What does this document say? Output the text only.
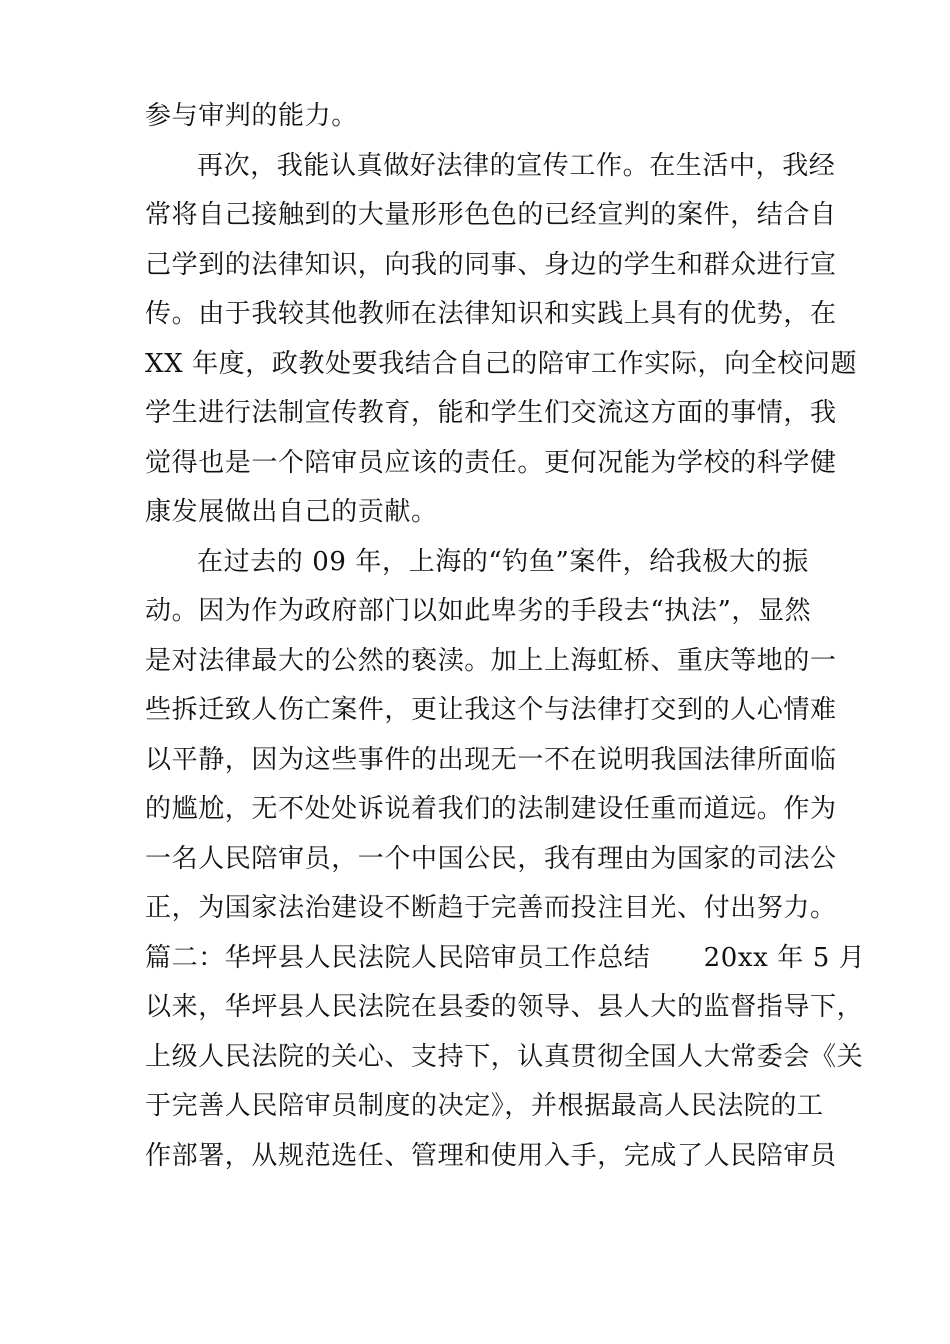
参与审判的能力。
再次，我能认真做好法律的宣传工作。在生活中，我经
常将自己接触到的大量形形色色的已经宣判的案件，结合自
己学到的法律知识，向我的同事、身边的学生和群众进行宣
传。由于我较其他教师在法律知识和实践上具有的优势，在
XX 年度，政教处要我结合自己的陪审工作实际，向全校问题
学生进行法制宣传教育，能和学生们交流这方面的事情，我
觉得也是一个陪审员应该的责任。更何况能为学校的科学健
康发展做出自己的贡献。
在过去的 09 年，上海的“钓鱼”案件，给我极大的振
动。因为作为政府部门以如此卑劣的手段去“执法”，显然
是对法律最大的公然的亵渎。加上上海虹桥、重庆等地的一
些拆迁致人伤亡案件，更让我这个与法律打交到的人心情难
以平静，因为这些事件的出现无一不在说明我国法律所面临
的尴尬，无不处处诉说着我们的法制建设任重而道远。作为
一名人民陪审员，一个中国公民，我有理由为国家的司法公
正，为国家法治建设不断趋于完善而投注目光、付出努力。
篇二：华坪县人民法院人民陪审员工作总结　　20xx 年 5 月
以来，华坪县人民法院在县委的领导、县人大的监督指导下，
上级人民法院的关心、支持下，认真贯彻全国人大常委会《关
于完善人民陪审员制度的决定》，并根据最高人民法院的工
作部署，从规范选任、管理和使用入手，完成了人民陪审员
